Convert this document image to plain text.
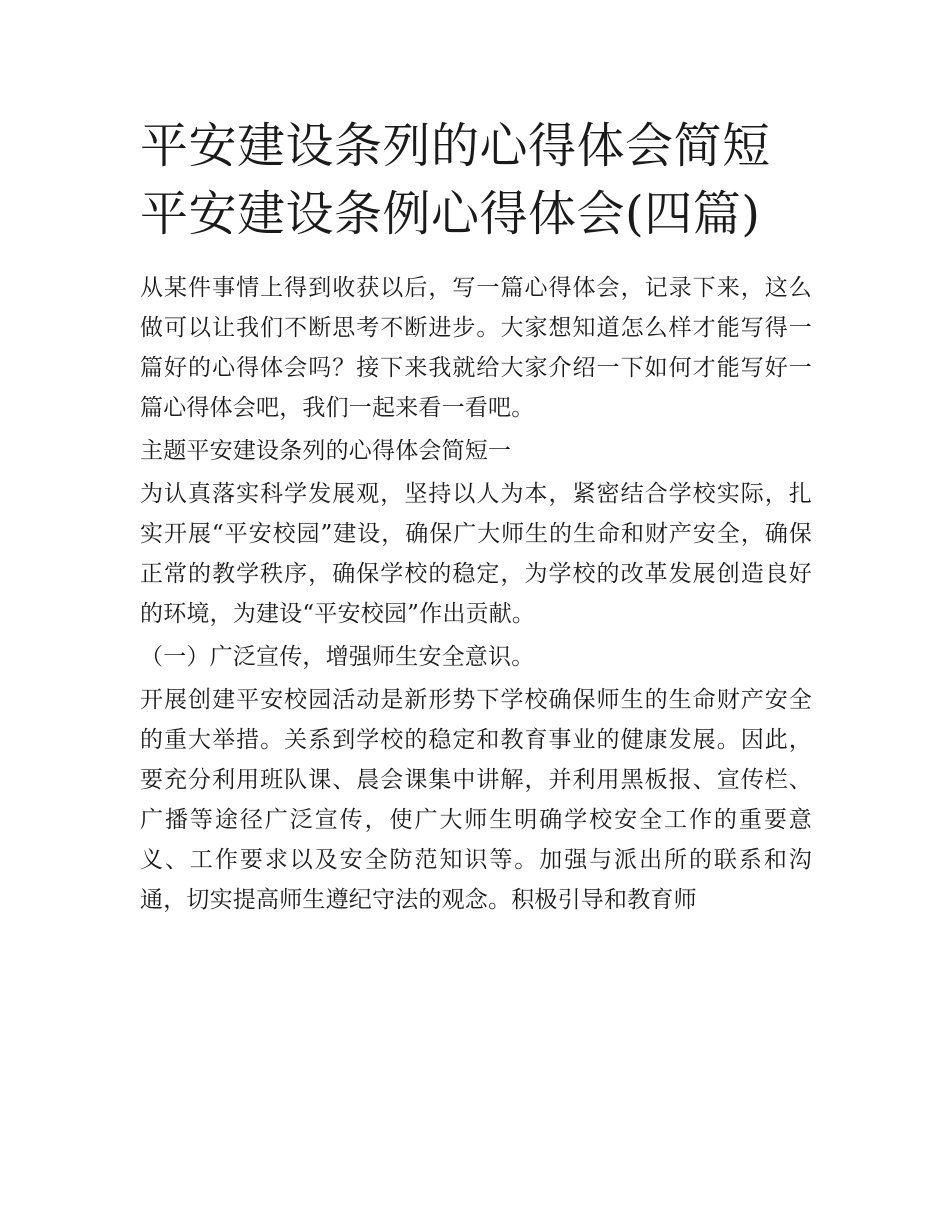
平安建设条列的心得体会简短
平安建设条例心得体会(四篇)

从某件事情上得到收获以后，写一篇心得体会，记录下来，这么做可以让我们不断思考不断进步。大家想知道怎么样才能写得一篇好的心得体会吗？接下来我就给大家介绍一下如何才能写好一篇心得体会吧，我们一起来看一看吧。

主题平安建设条列的心得体会简短一

为认真落实科学发展观，坚持以人为本，紧密结合学校实际，扎实开展“平安校园”建设，确保广大师生的生命和财产安全，确保正常的教学秩序，确保学校的稳定，为学校的改革发展创造良好的环境，为建设“平安校园”作出贡献。

（一）广泛宣传，增强师生安全意识。

开展创建平安校园活动是新形势下学校确保师生的生命财产安全的重大举措。关系到学校的稳定和教育事业的健康发展。因此，要充分利用班队课、晨会课集中讲解，并利用黑板报、宣传栏、广播等途径广泛宣传，使广大师生明确学校安全工作的重要意义、工作要求以及安全防范知识等。加强与派出所的联系和沟通，切实提高师生遵纪守法的观念。积极引导和教育师
